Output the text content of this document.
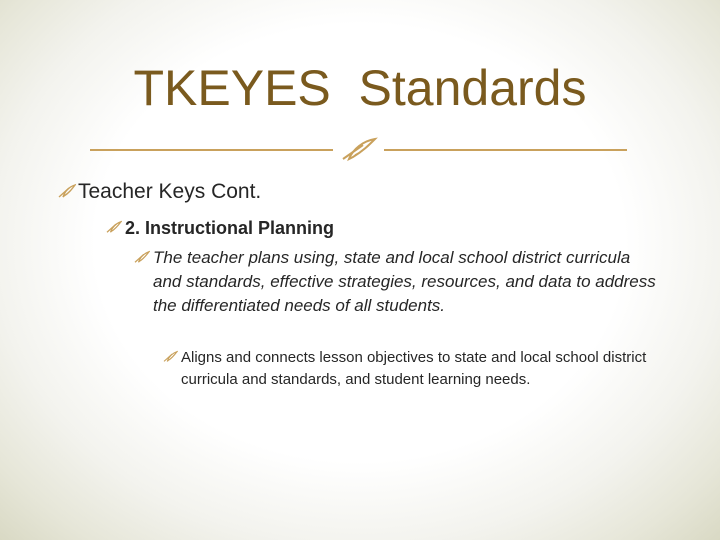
TKEYES  Standards
Teacher Keys Cont.
2. Instructional Planning
The teacher plans using, state and local school district curricula and standards, effective strategies, resources, and data to address the differentiated needs of all students.
Aligns and connects lesson objectives to state and local school district curricula and standards, and student learning needs.
